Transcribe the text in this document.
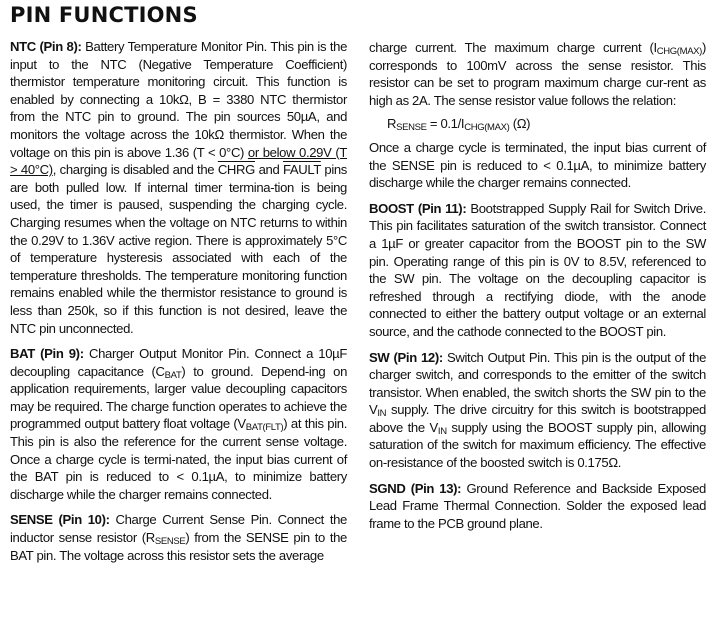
PIN FUNCTIONS

NTC (Pin 8): Battery Temperature Monitor Pin. This pin is the input to the NTC (Negative Temperature Coefficient) thermistor temperature monitoring circuit. This function is enabled by connecting a 10kΩ, B = 3380 NTC thermistor from the NTC pin to ground. The pin sources 50µA, and monitors the voltage across the 10kΩ thermistor. When the voltage on this pin is above 1.36 (T < 0°C) or below 0.29V (T > 40°C), charging is disabled and the CHRG and FAULT pins are both pulled low. If internal timer termina-tion is being used, the timer is paused, suspending the charging cycle. Charging resumes when the voltage on NTC returns to within the 0.29V to 1.36V active region. There is approximately 5°C of temperature hysteresis associated with each of the temperature thresholds. The temperature monitoring function remains enabled while the thermistor resistance to ground is less than 250k, so if this function is not desired, leave the NTC pin unconnected.

BAT (Pin 9): Charger Output Monitor Pin. Connect a 10µF decoupling capacitance $(C_{BAT})$ to ground. Depend-ing on application requirements, larger value decoupling capacitors may be required. The charge function operates to achieve the programmed output battery float voltage $(V_{BAT(FLT)})$ at this pin. This pin is also the reference for the current sense voltage. Once a charge cycle is termi-nated, the input bias current of the BAT pin is reduced to < 0.1µA, to minimize battery discharge while the charger remains connected.

SENSE (Pin 10): Charge Current Sense Pin. Connect the inductor sense resistor $(R_{SENSE})$ from the SENSE pin to the BAT pin. The voltage across this resistor sets the average

charge current. The maximum charge current $(I_{CHG(MAX)})$ corresponds to 100mV across the sense resistor. This resistor can be set to program maximum charge cur-rent as high as 2A. The sense resistor value follows the relation:

$R_{SENSE} = 0.1/I_{CHG(MAX)}$ (Ω)

Once a charge cycle is terminated, the input bias current of the SENSE pin is reduced to < 0.1µA, to minimize battery discharge while the charger remains connected.

BOOST (Pin 11): Bootstrapped Supply Rail for Switch Drive. This pin facilitates saturation of the switch transistor. Connect a 1µF or greater capacitor from the BOOST pin to the SW pin. Operating range of this pin is 0V to 8.5V, referenced to the SW pin. The voltage on the decoupling capacitor is refreshed through a rectifying diode, with the anode connected to either the battery output voltage or an external source, and the cathode connected to the BOOST pin.

SW (Pin 12): Switch Output Pin. This pin is the output of the charger switch, and corresponds to the emitter of the switch transistor. When enabled, the switch shorts the SW pin to the $V_{IN}$ supply. The drive circuitry for this switch is bootstrapped above the $V_{IN}$ supply using the BOOST supply pin, allowing saturation of the switch for maximum efficiency. The effective on-resistance of the boosted switch is 0.175Ω.

SGND (Pin 13): Ground Reference and Backside Exposed Lead Frame Thermal Connection. Solder the exposed lead frame to the PCB ground plane.
